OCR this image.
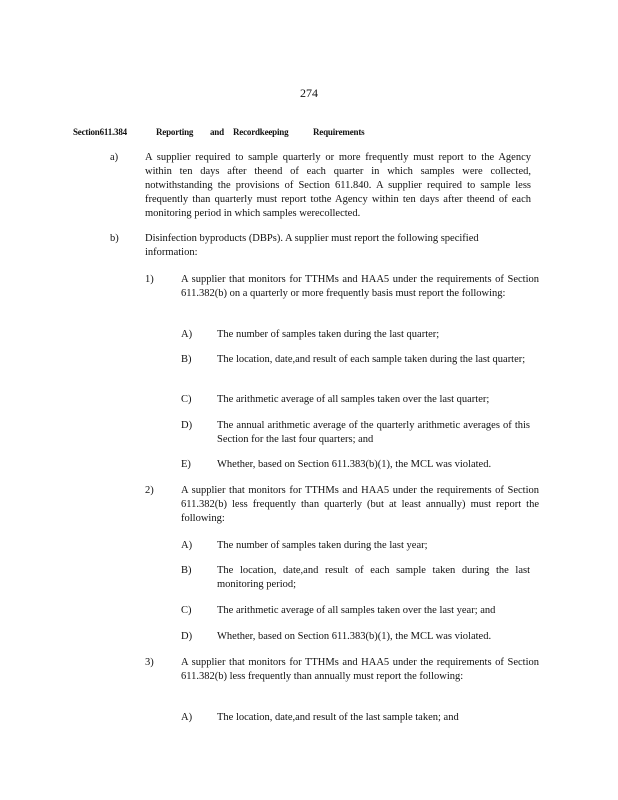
274
Section611.384	Reporting and Recordkeeping	Requirements
a)	A supplier required to sample quarterly or more frequently must report to the Agency within ten days after theend of each quarter in which samples were collected, notwithstanding the provisions of Section 611.840. A supplier required to sample less frequently than quarterly must report tothe Agency within ten days after theend of each monitoring period in which samples werecollected.
b)	Disinfection byproducts (DBPs). A supplier must report the following specified information:
1)	A supplier that monitors for TTHMs and HAA5 under the requirements of Section 611.382(b) on a quarterly or more frequently basis must report the following:
A) The number of samples taken during the last quarter;
B) The location, date,and result of each sample taken during the last quarter;
C) The arithmetic average of all samples taken over the last quarter;
D) The annual arithmetic average of the quarterly arithmetic averages of this Section for the last four quarters; and
E) Whether, based on Section 611.383(b)(1), the MCL was violated.
2)	A supplier that monitors for TTHMs and HAA5 under the requirements of Section 611.382(b) less frequently than quarterly (but at least annually) must report the following:
A) The number of samples taken during the last year;
B) The location, date,and result of each sample taken during the last monitoring period;
C) The arithmetic average of all samples taken over the last year; and
D) Whether, based on Section 611.383(b)(1), the MCL was violated.
3)	A supplier that monitors for TTHMs and HAA5 under the requirements of Section 611.382(b) less frequently than annually must report the following:
A) The location, date,and result of the last sample taken; and
